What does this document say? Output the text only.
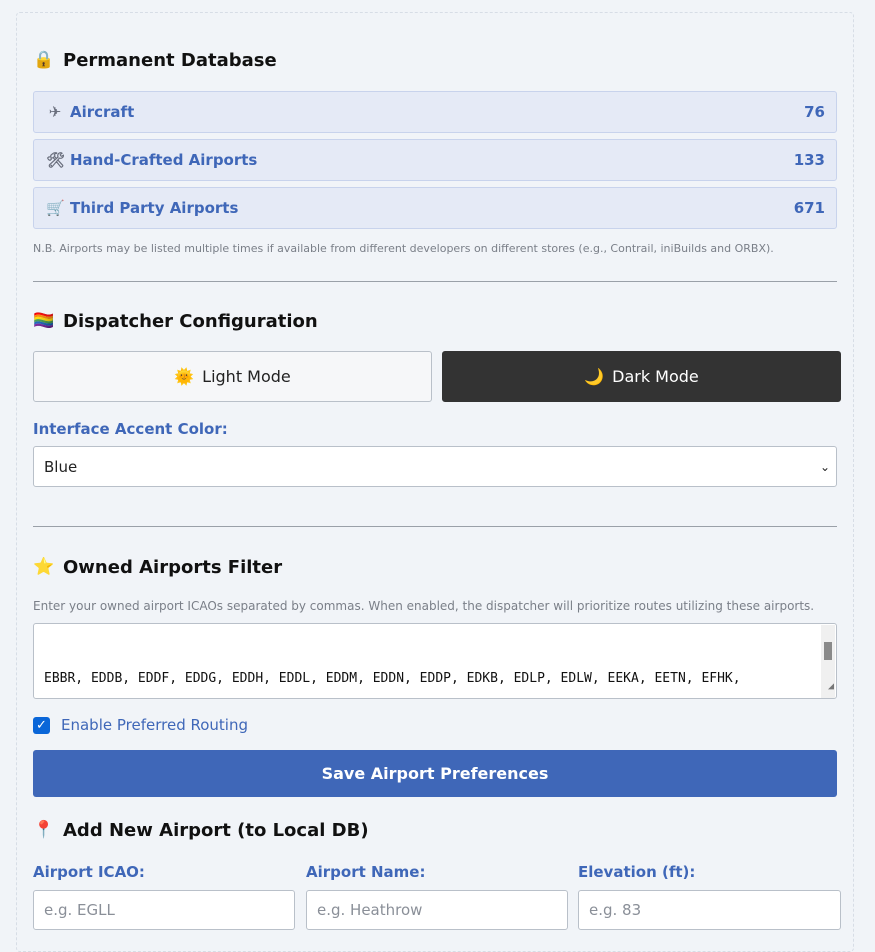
🔒 Permanent Database
✈ Aircraft	76
🛠 Hand-Crafted Airports	133
🛒 Third Party Airports	671
N.B. Airports may be listed multiple times if available from different developers on different stores (e.g., Contrail, iniBuilds and ORBX).
🏳️‍🌈 Dispatcher Configuration
🌞 Light Mode	🌙 Dark Mode
Interface Accent Color:
Blue	⌄
⭐ Owned Airports Filter
Enter your owned airport ICAOs separated by commas. When enabled, the dispatcher will prioritize routes utilizing these airports.

EBBR, EDDB, EDDF, EDDG, EDDH, EDDL, EDDM, EDDN, EDDP, EDKB, EDLP, EDLW, EEKA, EETN, EFHK,

	◢

✓ Enable Preferred Routing
Save Airport Preferences
📍 Add New Airport (to Local DB)
Airport ICAO:	Airport Name:	Elevation (ft):
e.g. EGLL	e.g. Heathrow	e.g. 83
